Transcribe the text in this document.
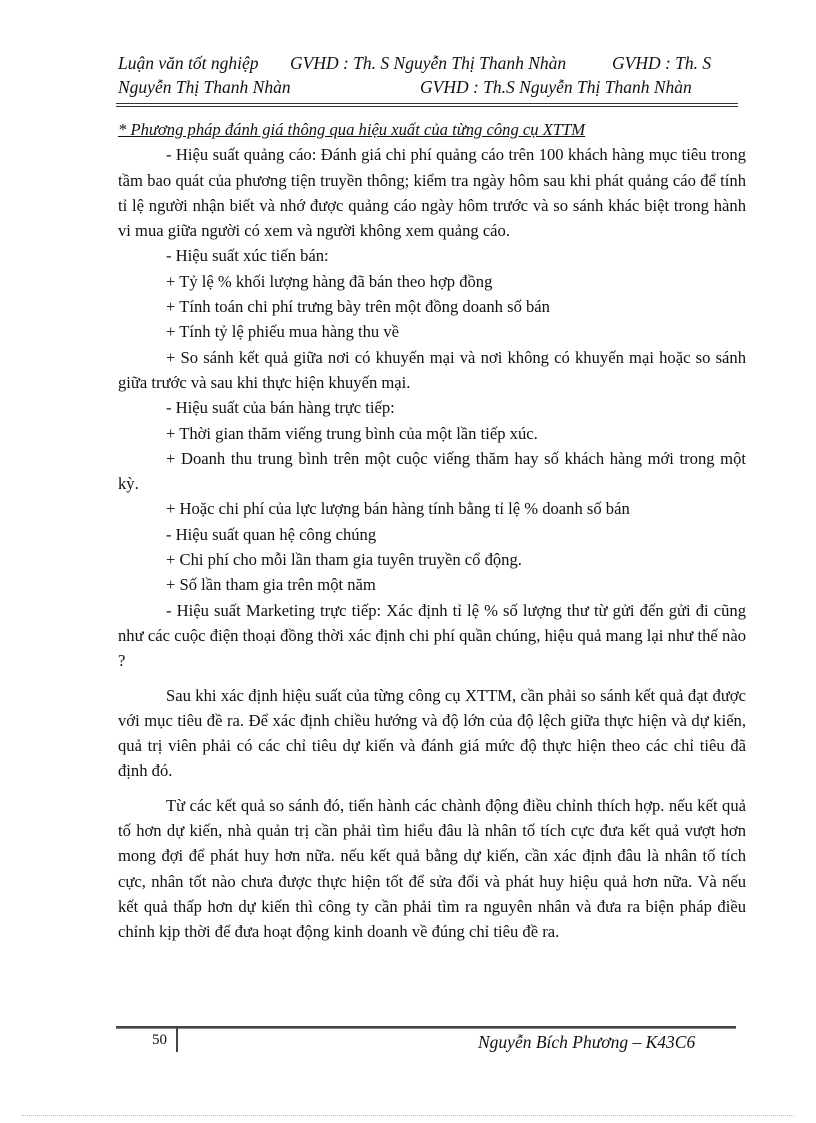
Luận văn tốt nghiệp	GVHD : Th. S Nguyễn Thị Thanh Nhàn	GVHD : Th. S
Nguyễn Thị Thanh Nhàn	GVHD : Th.S Nguyễn Thị Thanh Nhàn

* Phương pháp đánh giá thông qua hiệu xuất của từng công cụ XTTM

- Hiệu suất quảng cáo: Đánh giá chi phí quảng cáo trên 100 khách hàng mục tiêu trong tầm bao quát của phương tiện truyền thông; kiểm tra ngày hôm sau khi phát quảng cáo để tính tỉ lệ người nhận biết và nhớ được quảng cáo ngày hôm trước và so sánh khác biệt trong hành vi mua giữa người có xem và người không xem quảng cáo.

- Hiệu suất xúc tiến bán:

+ Tỷ lệ % khối lượng hàng đã bán theo hợp đồng

+ Tính toán chi phí trưng bày trên một đồng doanh số bán

+ Tính tỷ lệ phiếu mua hàng thu về

+ So sánh kết quả giữa nơi có khuyến mại và nơi không có khuyến mại hoặc so sánh giữa trước và sau khi thực hiện khuyến mại.

- Hiệu suất của bán hàng trực tiếp:

+ Thời gian thăm viếng trung bình của một lần tiếp xúc.

+ Doanh thu trung bình trên một cuộc viếng thăm hay số khách hàng mới trong một kỳ.

+ Hoặc chi phí của lực lượng bán hàng tính bằng tỉ lệ % doanh số bán

- Hiệu suất quan hệ công chúng

+ Chi phí cho mỗi lần tham gia tuyên truyền cổ động.

+ Số lần tham gia trên một năm

- Hiệu suất Marketing trực tiếp: Xác định tỉ lệ % số lượng thư từ gửi đến gửi đi cũng như các cuộc điện thoại đồng thời xác định chi phí quần chúng, hiệu quả mang lại như thế nào ?

Sau khi xác định hiệu suất của từng công cụ XTTM, cần phải so sánh kết quả đạt được với mục tiêu đề ra. Để xác định chiều hướng và độ lớn của độ lệch giữa thực hiện và dự kiến, quả trị viên phải có các chỉ tiêu dự kiến và đánh giá mức độ thực hiện theo các chỉ tiêu đã định đó.

Từ các kết quả so sánh đó, tiến hành các chành động điều chỉnh thích hợp. nếu kết quả tố hơn dự kiến, nhà quản trị cần phải tìm hiểu đâu là nhân tố tích cực đưa kết quả vượt hơn mong đợi để phát huy hơn nữa. nếu kết quả bằng dự kiến, cần xác định đâu là nhân tố tích cực, nhân tốt nào chưa được thực hiện tốt để sửa đổi và phát huy hiệu quả hơn nữa. Và nếu kết quả thấp hơn dự kiến thì công ty cần phải tìm ra nguyên nhân và đưa ra biện pháp điều chỉnh kịp thời để đưa hoạt động kinh doanh về đúng chỉ tiêu đề ra.

50	Nguyễn Bích Phương – K43C6
